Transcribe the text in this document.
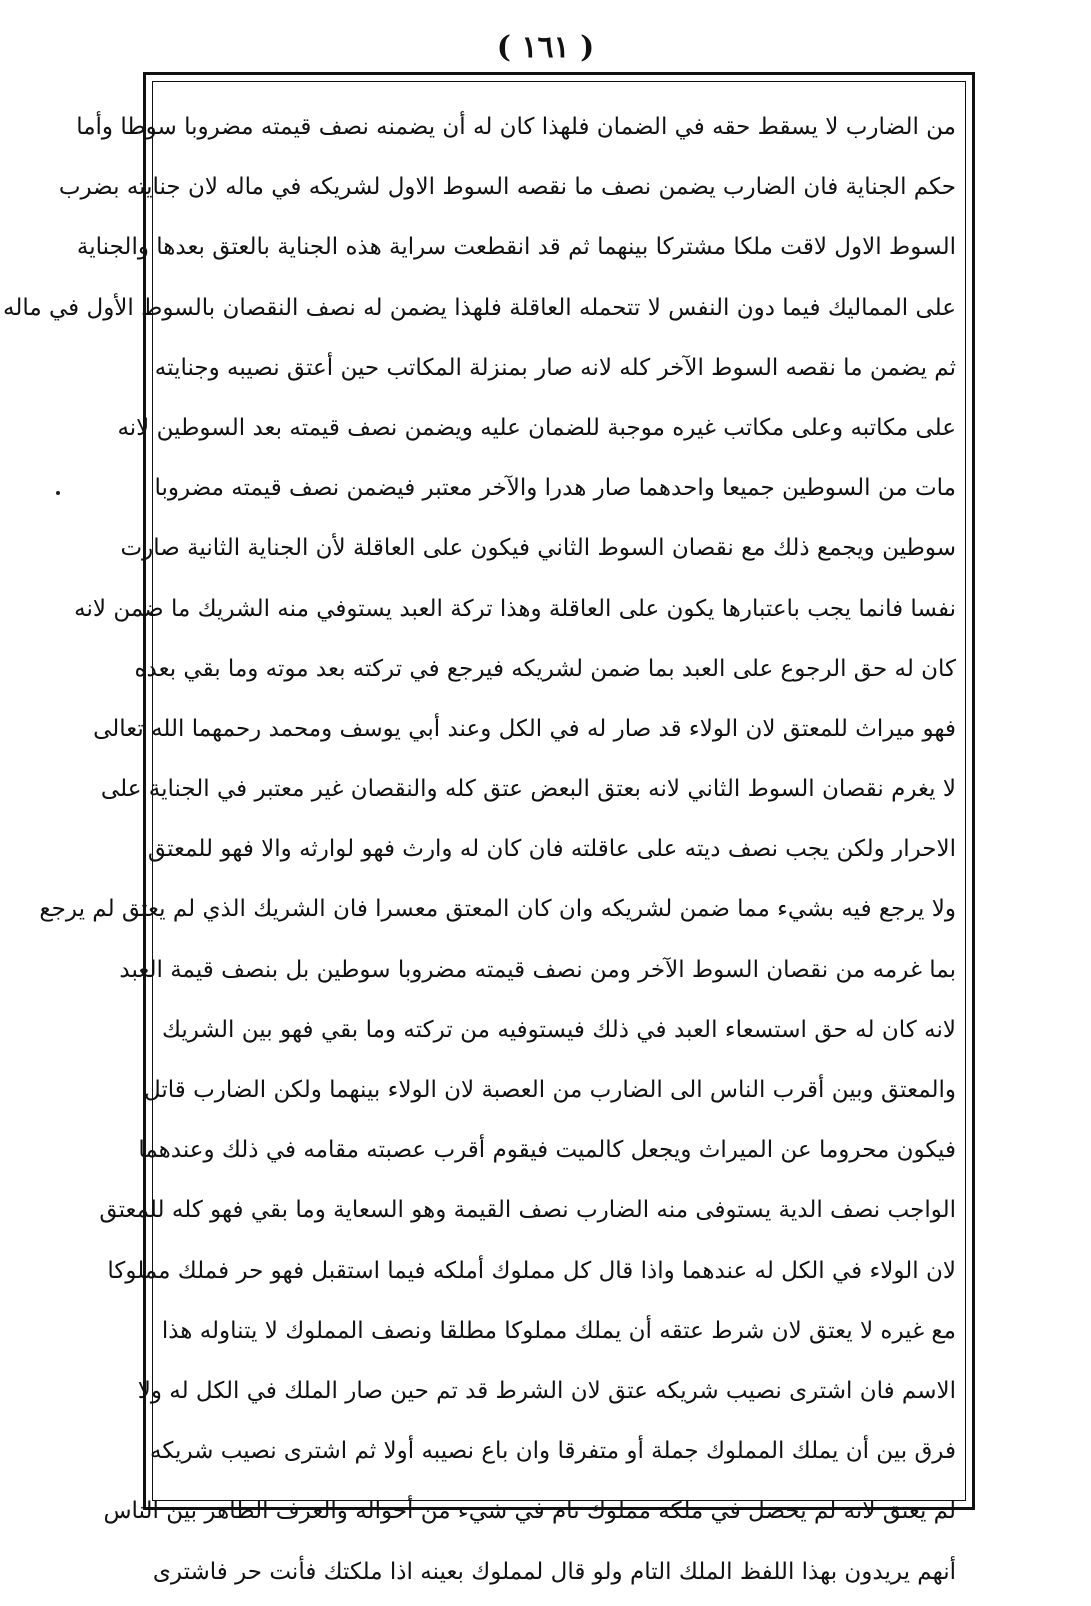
( ١٦١ )
من الضارب لا يسقط حقه في الضمان فلهذا كان له أن يضمنه نصف قيمته مضروبا سوطا وأما
حكم الجناية فان الضارب يضمن نصف ما نقصه السوط الاول لشريكه في ماله لان جنايته بضرب
السوط الاول لاقت ملكا مشتركا بينهما ثم قد انقطعت سراية هذه الجناية بالعتق بعدها والجناية
على المماليك فيما دون النفس لا تتحمله العاقلة فلهذا يضمن له نصف النقصان بالسوط الأول في ماله
ثم يضمن ما نقصه السوط الآخر كله لانه صار بمنزلة المكاتب حين أعتق نصيبه وجنايته
على مكاتبه وعلى مكاتب غيره موجبة للضمان عليه ويضمن نصف قيمته بعد السوطين لانه
مات من السوطين جميعا واحدهما صار هدرا والآخر معتبر فيضمن نصف قيمته مضروبا
سوطين ويجمع ذلك مع نقصان السوط الثاني فيكون على العاقلة لأن الجناية الثانية صارت
نفسا فانما يجب باعتبارها يكون على العاقلة وهذا تركة العبد يستوفي منه الشريك ما ضمن لانه
كان له حق الرجوع على العبد بما ضمن لشريكه فيرجع في تركته بعد موته وما بقي بعده
فهو ميراث للمعتق لان الولاء قد صار له في الكل وعند أبي يوسف ومحمد رحمهما الله تعالى
لا يغرم نقصان السوط الثاني لانه بعتق البعض عتق كله والنقصان غير معتبر في الجناية على
الاحرار ولكن يجب نصف ديته على عاقلته فان كان له وارث فهو لوارثه والا فهو للمعتق
ولا يرجع فيه بشيء مما ضمن لشريكه وان كان المعتق معسرا فان الشريك الذي لم يعتق لم يرجع
بما غرمه من نقصان السوط الآخر ومن نصف قيمته مضروبا سوطين بل بنصف قيمة العبد
لانه كان له حق استسعاء العبد في ذلك فيستوفيه من تركته وما بقي فهو بين الشريك
والمعتق وبين أقرب الناس الى الضارب من العصبة لان الولاء بينهما ولكن الضارب قاتل
فيكون محروما عن الميراث ويجعل كالميت فيقوم أقرب عصبته مقامه في ذلك وعندهما
الواجب نصف الدية يستوفى منه الضارب نصف القيمة وهو السعاية وما بقي فهو كله للمعتق
لان الولاء في الكل له عندهما واذا قال كل مملوك أملكه فيما استقبل فهو حر فملك مملوكا
مع غيره لا يعتق لان شرط عتقه أن يملك مملوكا مطلقا ونصف المملوك لا يتناوله هذا
الاسم فان اشترى نصيب شريكه عتق لان الشرط قد تم حين صار الملك في الكل له ولا
فرق بين أن يملك المملوك جملة أو متفرقا وان باع نصيبه أولا ثم اشترى نصيب شريكه
لم يعتق لانه لم يحصل في ملكه مملوك تام في شيء من أحواله والعرف الظاهر بين الناس
أنهم يريدون بهذا اللفظ الملك التام ولو قال لمملوك بعينه اذا ملكتك فأنت حر فاشترى
